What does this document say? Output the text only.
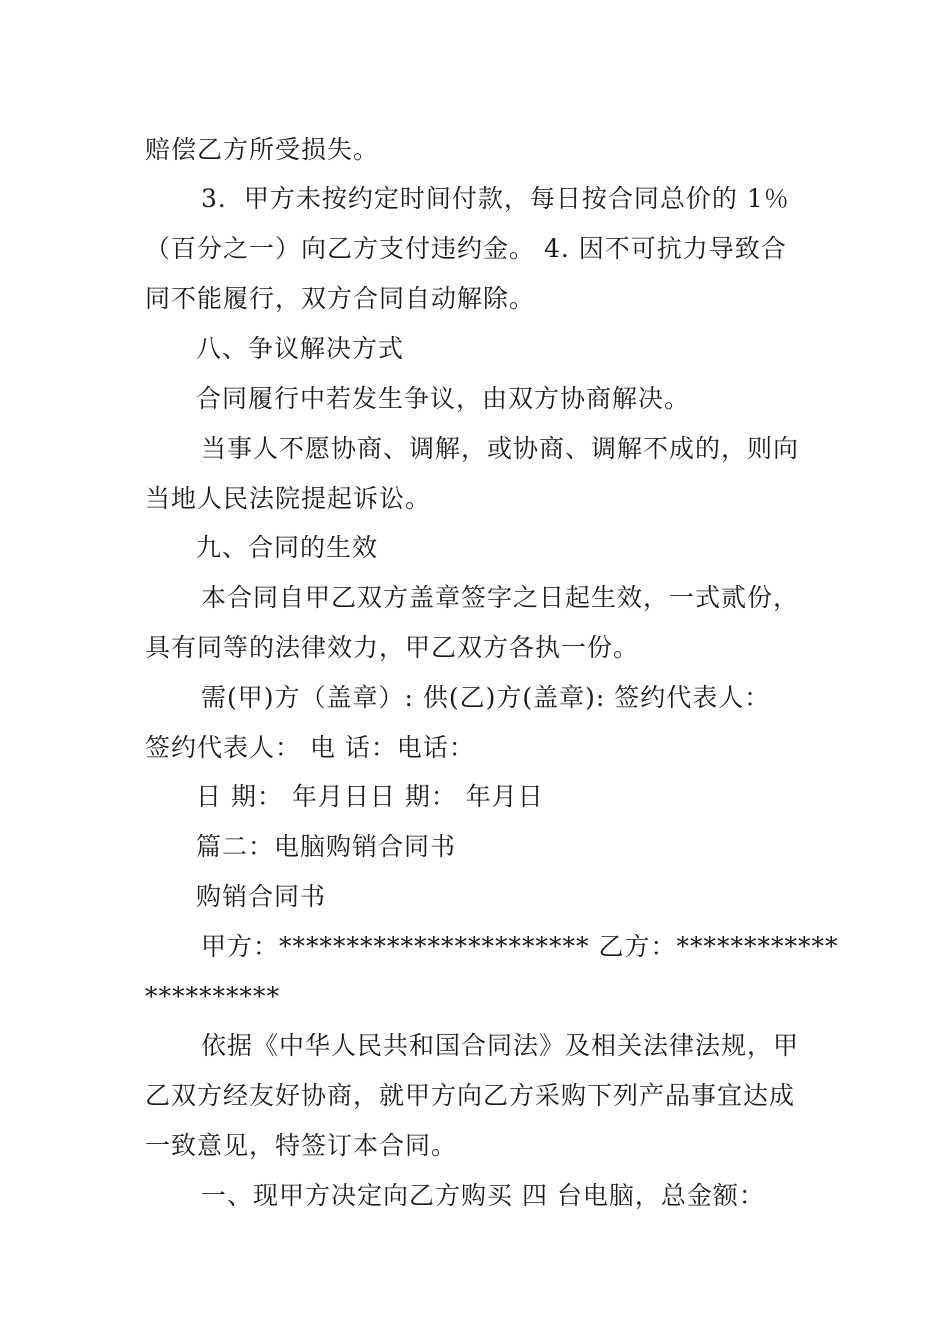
赔偿乙方所受损失。
3．甲方未按约定时间付款，每日按合同总价的 1％
（百分之一）向乙方支付违约金。 4. 因不可抗力导致合
同不能履行，双方合同自动解除。
八、争议解决方式
合同履行中若发生争议，由双方协商解决。
当事人不愿协商、调解，或协商、调解不成的，则向
当地人民法院提起诉讼。
九、合同的生效
本合同自甲乙双方盖章签字之日起生效，一式贰份，
具有同等的法律效力，甲乙双方各执一份。
需(甲)方（盖章）: 供(乙)方(盖章): 签约代表人：
签约代表人： 电 话：电话：
日 期： 年月日日 期： 年月日
篇二：电脑购销合同书
购销合同书
甲方：*********************** 乙方：************
**********
依据《中华人民共和国合同法》及相关法律法规，甲
乙双方经友好协商，就甲方向乙方采购下列产品事宜达成
一致意见，特签订本合同。
一、现甲方决定向乙方购买 四 台电脑，总金额：
